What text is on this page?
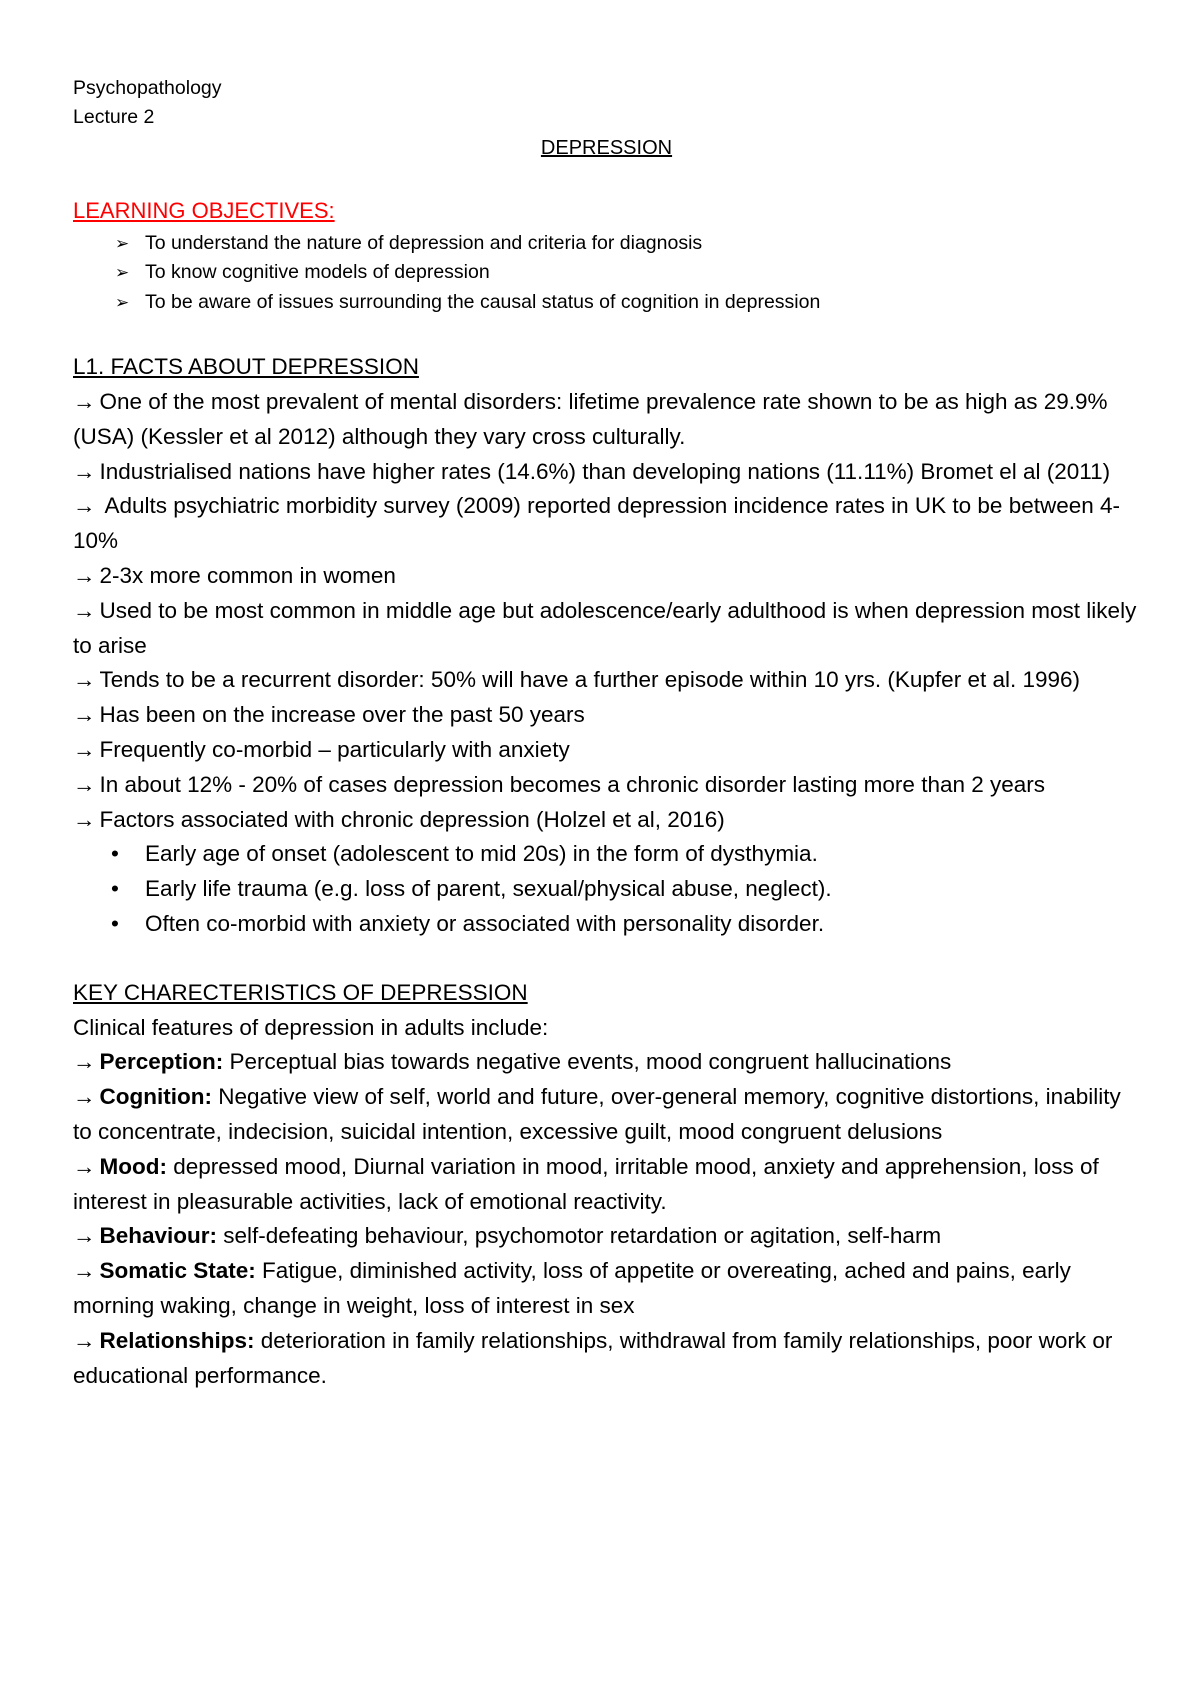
Psychopathology
Lecture 2
DEPRESSION
LEARNING OBJECTIVES:
➢ To understand the nature of depression and criteria for diagnosis
➢ To know cognitive models of depression
➢ To be aware of issues surrounding the causal status of cognition in depression
L1. FACTS ABOUT DEPRESSION

→ One of the most prevalent of mental disorders: lifetime prevalence rate shown to be as high as 29.9%(USA) (Kessler et al 2012) although they vary cross culturally.

→ Industrialised nations have higher rates (14.6%) than developing nations (11.11%) Bromet el al (2011)

→ Adults psychiatric morbidity survey (2009) reported depression incidence rates in UK to be between 4-10%

→ 2-3x more common in women

→ Used to be most common in middle age but adolescence/early adulthood is when depression most likely to arise

→ Tends to be a recurrent disorder: 50% will have a further episode within 10 yrs. (Kupfer et al. 1996)

→ Has been on the increase over the past 50 years

→ Frequently co-morbid – particularly with anxiety

→ In about 12% - 20% of cases depression becomes a chronic disorder lasting more than 2 years

→ Factors associated with chronic depression (Holzel et al, 2016)

• Early age of onset (adolescent to mid 20s) in the form of dysthymia.
• Early life trauma (e.g. loss of parent, sexual/physical abuse, neglect).
• Often co-morbid with anxiety or associated with personality disorder.
KEY CHARECTERISTICS OF DEPRESSION
Clinical features of depression in adults include:

→ Perception: Perceptual bias towards negative events, mood congruent hallucinations

→ Cognition: Negative view of self, world and future, over-general memory, cognitive distortions, inability to concentrate, indecision, suicidal intention, excessive guilt, mood congruent delusions

→ Mood: depressed mood, Diurnal variation in mood, irritable mood, anxiety and apprehension, loss of interest in pleasurable activities, lack of emotional reactivity.

→ Behaviour: self-defeating behaviour, psychomotor retardation or agitation, self-harm

→ Somatic State: Fatigue, diminished activity, loss of appetite or overeating, ached and pains, early morning waking, change in weight, loss of interest in sex

→ Relationships: deterioration in family relationships, withdrawal from family relationships, poor work or educational performance.
